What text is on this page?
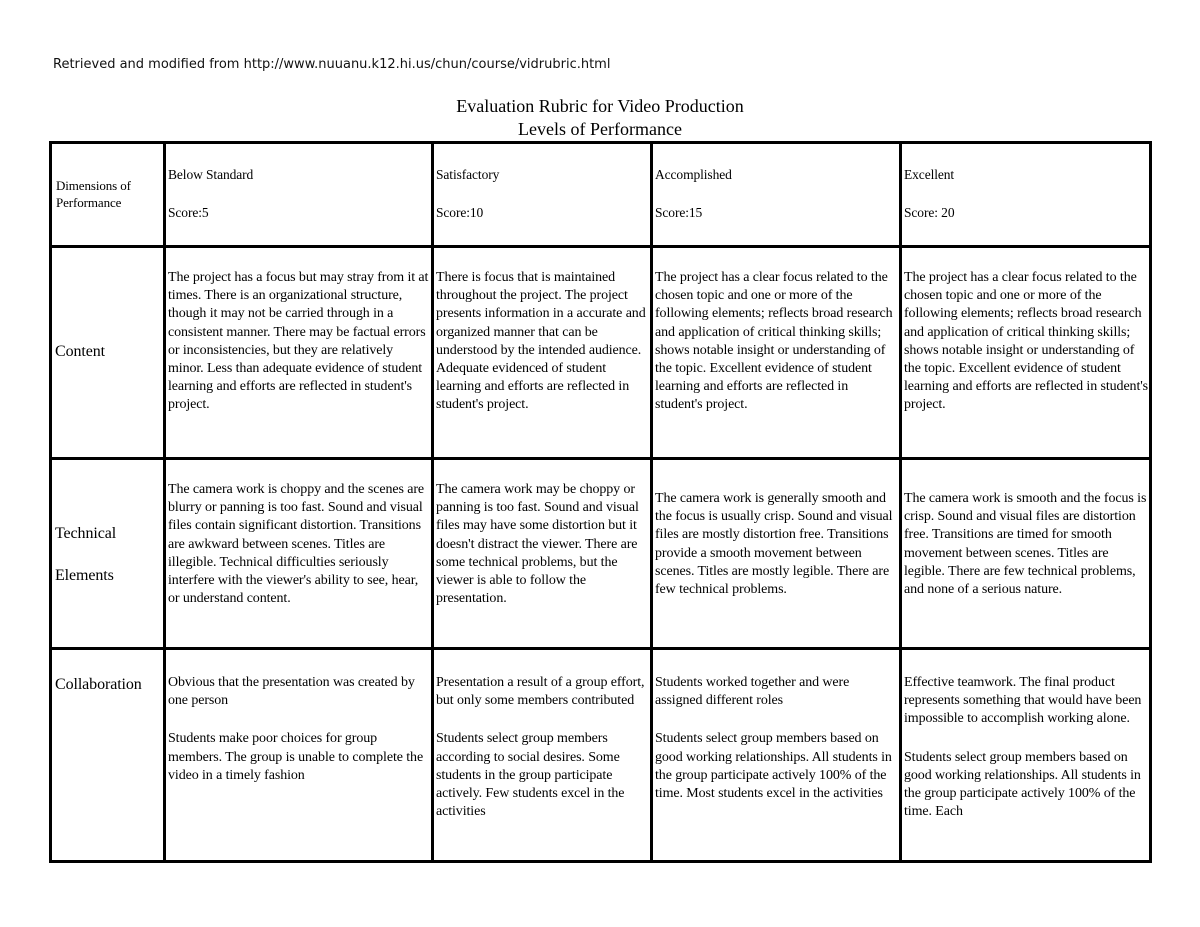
Retrieved and modified from http://www.nuuanu.k12.hi.us/chun/course/vidrubric.html
Evaluation Rubric for Video Production
Levels of Performance
Dimensions of Performance
Below Standard
Score:5
Satisfactory
Score:10
Accomplished
Score:15
Excellent
Score: 20
Content

The project has a focus but may stray from it at times. There is an organizational structure, though it may not be carried through in a consistent manner. There may be factual errors or inconsistencies, but they are relatively minor. Less than adequate evidence of student learning and efforts are reflected in student's project.

There is focus that is maintained throughout the project. The project presents information in a accurate and organized manner that can be understood by the intended audience. Adequate evidenced of student learning and efforts are reflected in student's project.

The project has a clear focus related to the chosen topic and one or more of the following elements; reflects broad research and application of critical thinking skills; shows notable insight or understanding of the topic. Excellent evidence of student learning and efforts are reflected in student's project.

The project has a clear focus related to the chosen topic and one or more of the following elements; reflects broad research and application of critical thinking skills; shows notable insight or understanding of the topic. Excellent evidence of student learning and efforts are reflected in student's project.

Technical
Elements

The camera work is choppy and the scenes are blurry or panning is too fast. Sound and visual files contain significant distortion. Transitions are awkward between scenes. Titles are illegible. Technical difficulties seriously interfere with the viewer's ability to see, hear, or understand content.

The camera work may be choppy or panning is too fast. Sound and visual files may have some distortion but it doesn't distract the viewer. There are some technical problems, but the viewer is able to follow the presentation.

The camera work is generally smooth and the focus is usually crisp. Sound and visual files are mostly distortion free. Transitions provide a smooth movement between scenes. Titles are mostly legible. There are few technical problems.

The camera work is smooth and the focus is crisp. Sound and visual files are distortion free. Transitions are timed for smooth movement between scenes. Titles are legible. There are few technical problems, and none of a serious nature.

Collaboration	Obvious that the presentation was created by one person

Students make poor choices for group members. The group is unable to complete the video in a timely fashion

Presentation a result of a group effort, but only some members contributed

Students select group members according to social desires. Some students in the group participate actively. Few students excel in the activities

Students worked together and were assigned different roles

Students select group members based on good working relationships. All students in the group participate actively 100% of the time. Most students excel in the activities

Effective teamwork. The final product represents something that would have been impossible to accomplish working alone.

Students select group members based on good working relationships. All students in the group participate actively 100% of the time. Each
